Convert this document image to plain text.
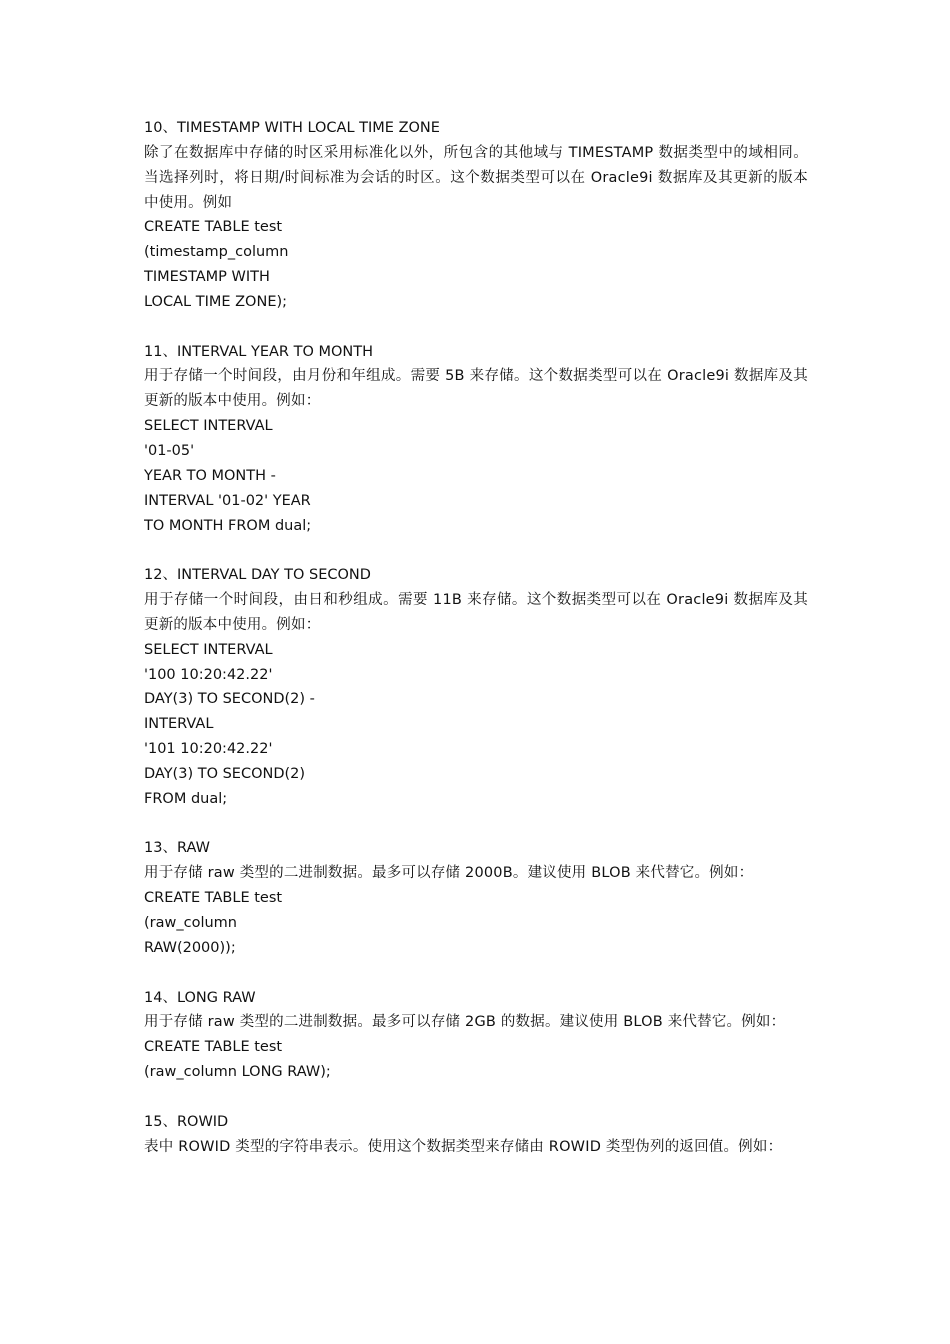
10、TIMESTAMP WITH LOCAL TIME ZONE
除了在数据库中存储的时区采用标准化以外，所包含的其他域与 TIMESTAMP 数据类型中的域相同。当选择列时，将日期/时间标准为会话的时区。这个数据类型可以在 Oracle9i 数据库及其更新的版本中使用。例如
CREATE TABLE test
(timestamp_column
TIMESTAMP WITH
LOCAL TIME ZONE);
11、INTERVAL YEAR TO MONTH
用于存储一个时间段，由月份和年组成。需要 5B 来存储。这个数据类型可以在 Oracle9i 数据库及其更新的版本中使用。例如：
SELECT INTERVAL
'01-05'
YEAR TO MONTH -
INTERVAL '01-02' YEAR
TO MONTH FROM dual;
12、INTERVAL DAY TO SECOND
用于存储一个时间段，由日和秒组成。需要 11B 来存储。这个数据类型可以在 Oracle9i 数据库及其更新的版本中使用。例如：
SELECT INTERVAL
'100 10:20:42.22'
DAY(3) TO SECOND(2) -
INTERVAL
'101 10:20:42.22'
DAY(3) TO SECOND(2)
FROM dual;
13、RAW
用于存储 raw 类型的二进制数据。最多可以存储 2000B。建议使用 BLOB 来代替它。例如：
CREATE TABLE test
(raw_column
RAW(2000));
14、LONG RAW
用于存储 raw 类型的二进制数据。最多可以存储 2GB 的数据。建议使用 BLOB 来代替它。例如：
CREATE TABLE test
(raw_column LONG RAW);
15、ROWID
表中 ROWID 类型的字符串表示。使用这个数据类型来存储由 ROWID 类型伪列的返回值。例如：
